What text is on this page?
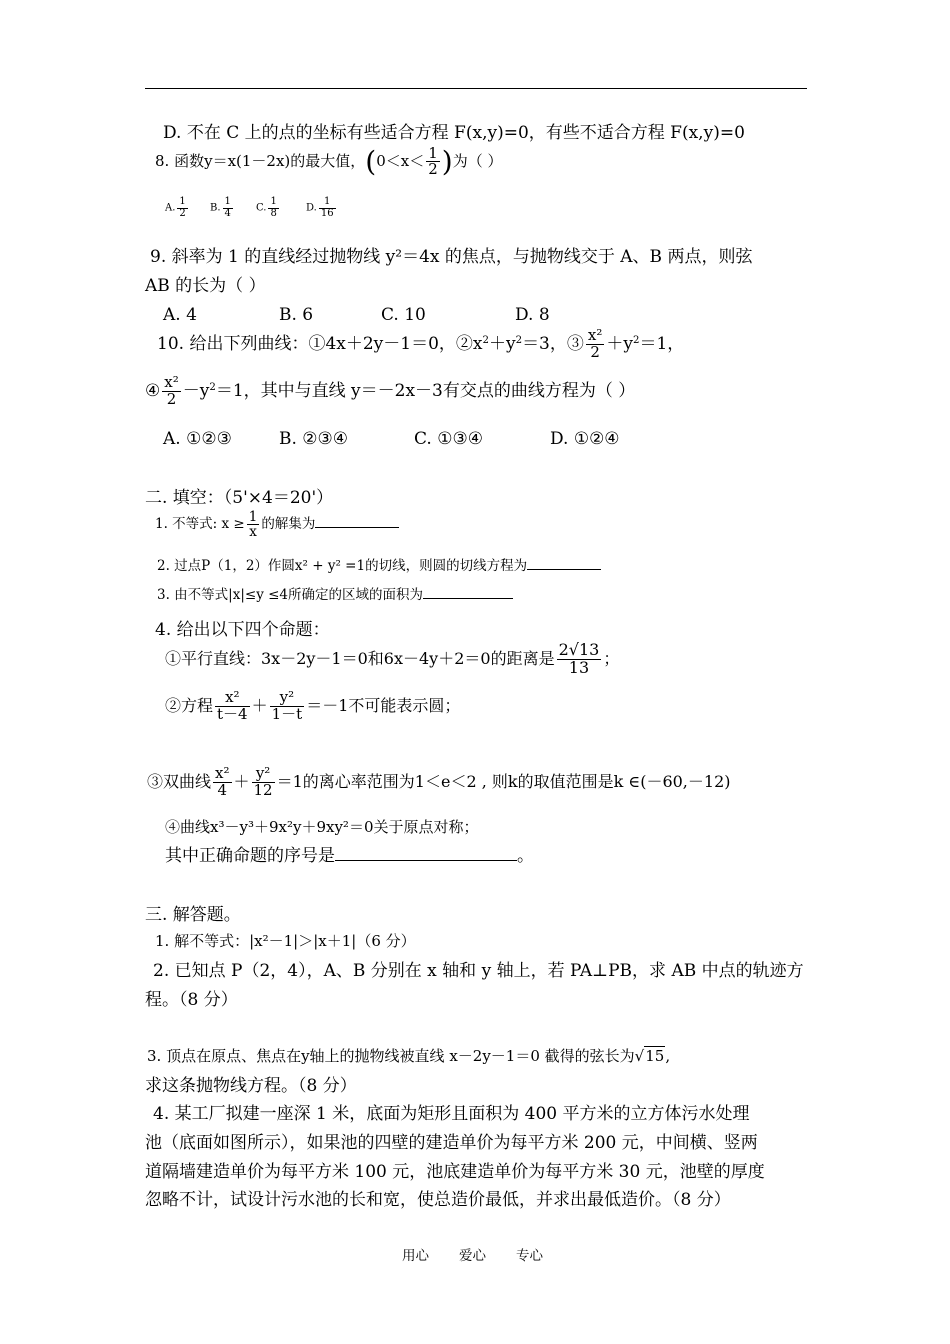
D. 不在 C 上的点的坐标有些适合方程 F(x,y)=0，有些不适合方程 F(x,y)=0
8. 函数y＝x(1－2x)的最大值，($0<x< \frac{1}{2}$ )为（ ）
A. $\frac{1}{2} B$. $\frac{1}{4} C$. $\frac{1}{8}$	D. $\frac{1}{16}$
9. 斜率为 1 的直线经过抛物线 y²＝4x 的焦点，与抛物线交于 A、B 两点，则弦
AB 的长为（ ）
A. 4	B. 6	C. 10	D. 8
10. 给出下列曲线：①4x＋2y－1＝0，$②x^2+y^2=3$，③ $\frac{\text{x²}}{2} +y^2=1$，
④ $\frac{\text{x²}}{2} -y^2=1$，其中与直线 y＝－2x－3有交点的曲线方程为（ ）
A. ①②③	B. ②③④	C. ①③④	D. ①②④
二. 填空：（5'×4＝20'）
1. 不等式: $x \ge \frac{1}{x}$ 的解集为
2. 过点P（1，2）作圆x² + y² =1的切线，则圆的切线方程为
3. 由不等式|x|≤y ≤4所确定的区域的面积为
4. 给出以下四个命题：
①平行直线：3x－2y－1＝0和6x－4y＋2＝0的距离是 $\frac{2√13}{13}$ ；
②方程 $\frac{\text{x²}}{t-4} + \frac{\text{y²}}{1-t} =-1$不可能表示圆；
③双曲线 $\frac{\text{x²}}{4} + \frac{\text{y²}}{12} =1$的离心率范围为1＜e＜2 , 则k的取值范围是k ∈(－60,－12)
④曲线x³－y³＋9x²y＋9xy²＝0关于原点对称；
其中正确命题的序号是	。
三. 解答题。
1. 解不等式：|x²－1|＞|x＋1|（6 分）
2. 已知点 P（2，4），A、B 分别在 x 轴和 y 轴上，若 PA⊥PB，求 AB 中点的轨迹方
程。（8 分）
3. 顶点在原点、焦点在y轴上的抛物线被直线 x－2y－1＝0 截得的弦长为√15,
求这条抛物线方程。（8 分）
4. 某工厂拟建一座深 1 米，底面为矩形且面积为 400 平方米的立方体污水处理
池（底面如图所示），如果池的四壁的建造单价为每平方米 200 元，中间横、竖两
道隔墙建造单价为每平方米 100 元，池底建造单价为每平方米 30 元，池壁的厚度
忽略不计，试设计污水池的长和宽，使总造价最低，并求出最低造价。（8 分）
用心 爱心 专心
